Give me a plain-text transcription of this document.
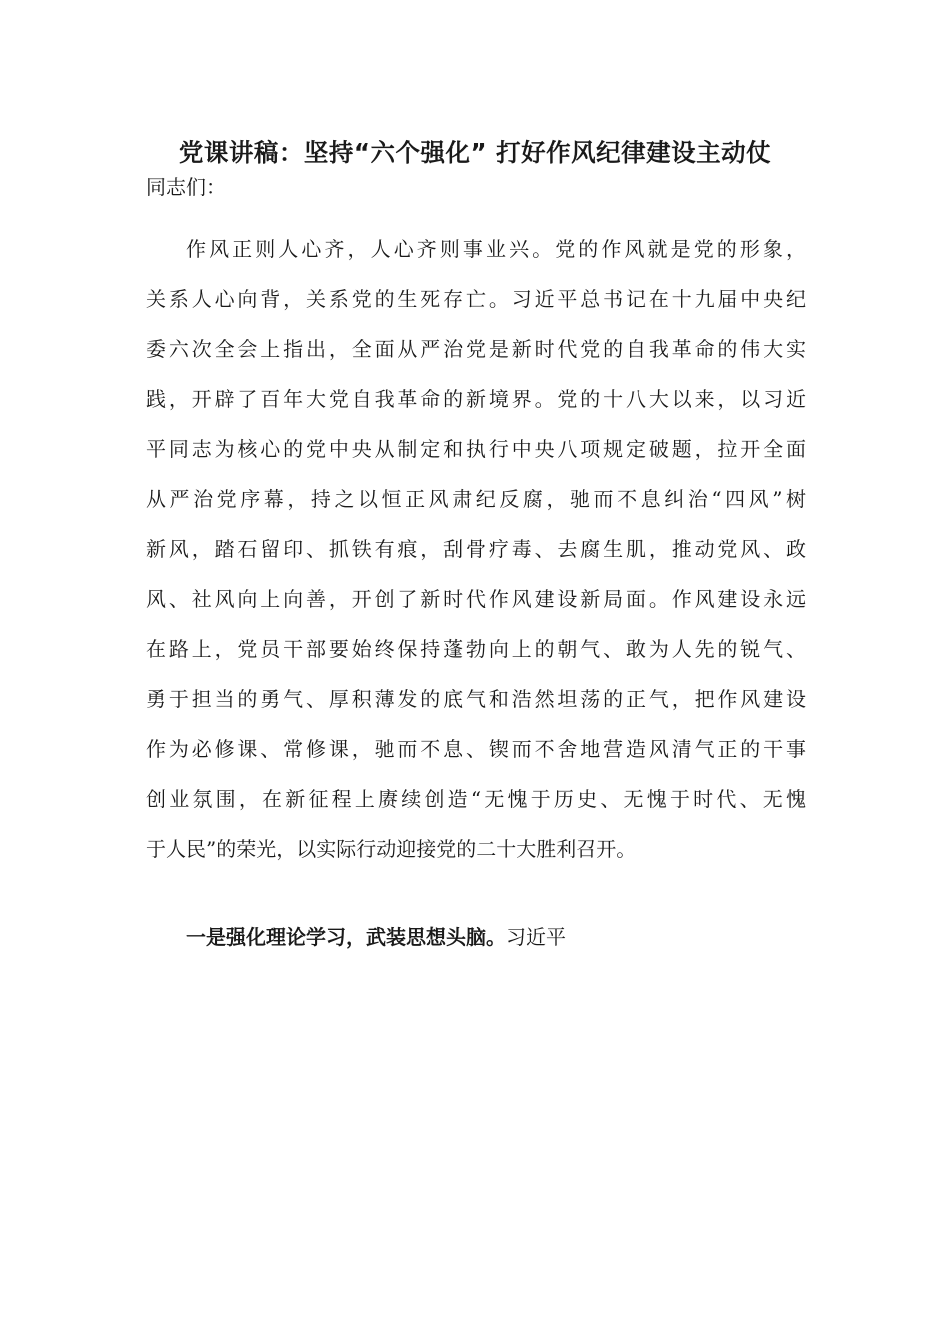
党课讲稿：坚持“六个强化” 打好作风纪律建设主动仗
同志们：
作风正则人心齐，人心齐则事业兴。党的作风就是党的形象，
关系人心向背，关系党的生死存亡。习近平总书记在十九届中央纪
委六次全会上指出，全面从严治党是新时代党的自我革命的伟大实
践，开辟了百年大党自我革命的新境界。党的十八大以来，以习近
平同志为核心的党中央从制定和执行中央八项规定破题，拉开全面
从严治党序幕，持之以恒正风肃纪反腐，驰而不息纠治“四风”树
新风，踏石留印、抓铁有痕，刮骨疗毒、去腐生肌，推动党风、政
风、社风向上向善，开创了新时代作风建设新局面。作风建设永远
在路上，党员干部要始终保持蓬勃向上的朝气、敢为人先的锐气、
勇于担当的勇气、厚积薄发的底气和浩然坦荡的正气，把作风建设
作为必修课、常修课，驰而不息、锲而不舍地营造风清气正的干事
创业氛围，在新征程上赓续创造“无愧于历史、无愧于时代、无愧
于人民”的荣光，以实际行动迎接党的二十大胜利召开。
一是强化理论学习，武装思想头脑。习近平
